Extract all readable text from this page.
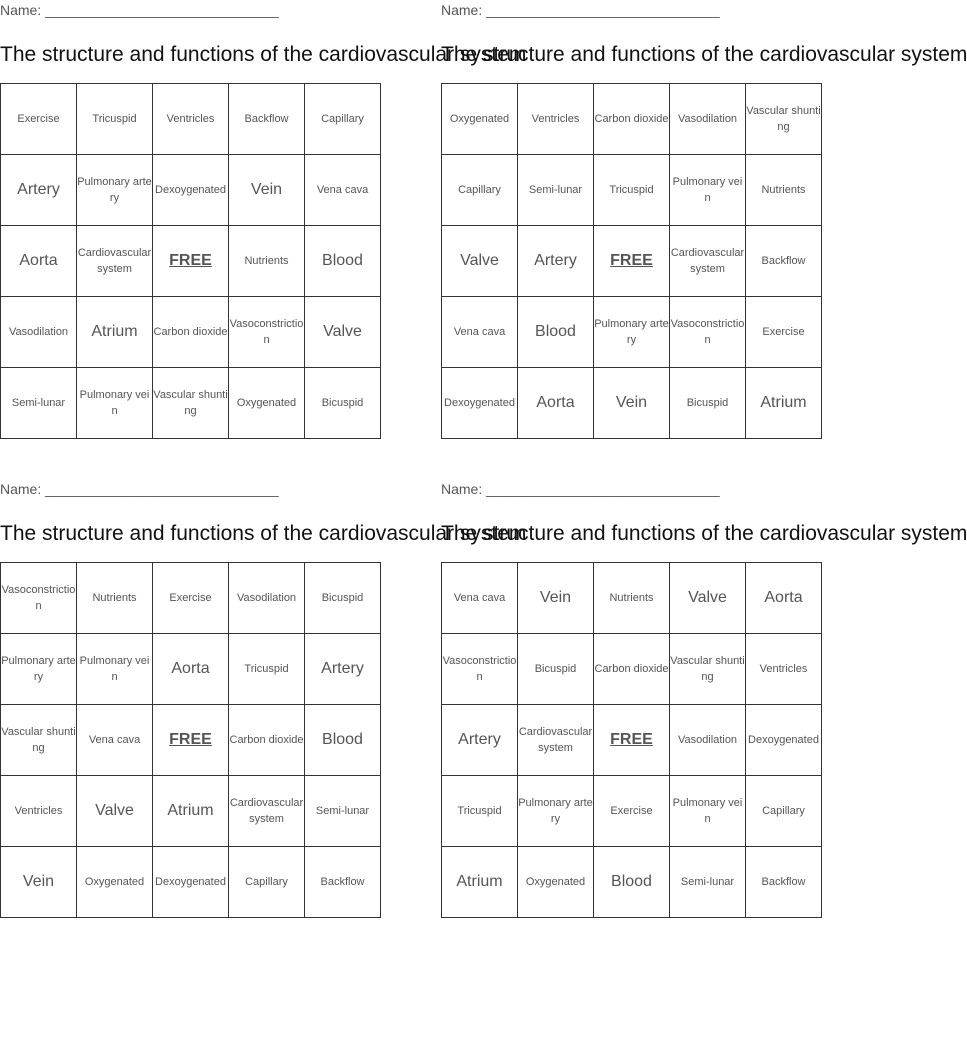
Name: ______________________________
The structure and functions of the cardiovascular system
Exercise	Tricuspid	Ventricles	Backflow	Capillary
Artery	Pulmonary artery	Dexoygenated	Vein	Vena cava
Aorta	Cardiovascular system	FREE	Nutrients	Blood
Vasodilation	Atrium	Carbon dioxide	Vasoconstriction	Valve
Semi-lunar	Pulmonary vein	Vascular shunting	Oxygenated	Bicuspid
Name: ______________________________
The structure and functions of the cardiovascular system
Oxygenated	Ventricles	Carbon dioxide	Vasodilation	Vascular shunting
Capillary	Semi-lunar	Tricuspid	Pulmonary vein	Nutrients
Valve	Artery	FREE	Cardiovascular system	Backflow
Vena cava	Blood	Pulmonary artery	Vasoconstriction	Exercise
Dexoygenated	Aorta	Vein	Bicuspid	Atrium
Name: ______________________________
The structure and functions of the cardiovascular system
Vasoconstriction	Nutrients	Exercise	Vasodilation	Bicuspid
Pulmonary artery	Pulmonary vein	Aorta	Tricuspid	Artery
Vascular shunting	Vena cava	FREE	Carbon dioxide	Blood
Ventricles	Valve	Atrium	Cardiovascular system	Semi-lunar
Vein	Oxygenated	Dexoygenated	Capillary	Backflow
Name: ______________________________
The structure and functions of the cardiovascular system
Vena cava	Vein	Nutrients	Valve	Aorta
Vasoconstriction	Bicuspid	Carbon dioxide	Vascular shunting	Ventricles
Artery	Cardiovascular system	FREE	Vasodilation	Dexoygenated
Tricuspid	Pulmonary artery	Exercise	Pulmonary vein	Capillary
Atrium	Oxygenated	Blood	Semi-lunar	Backflow
